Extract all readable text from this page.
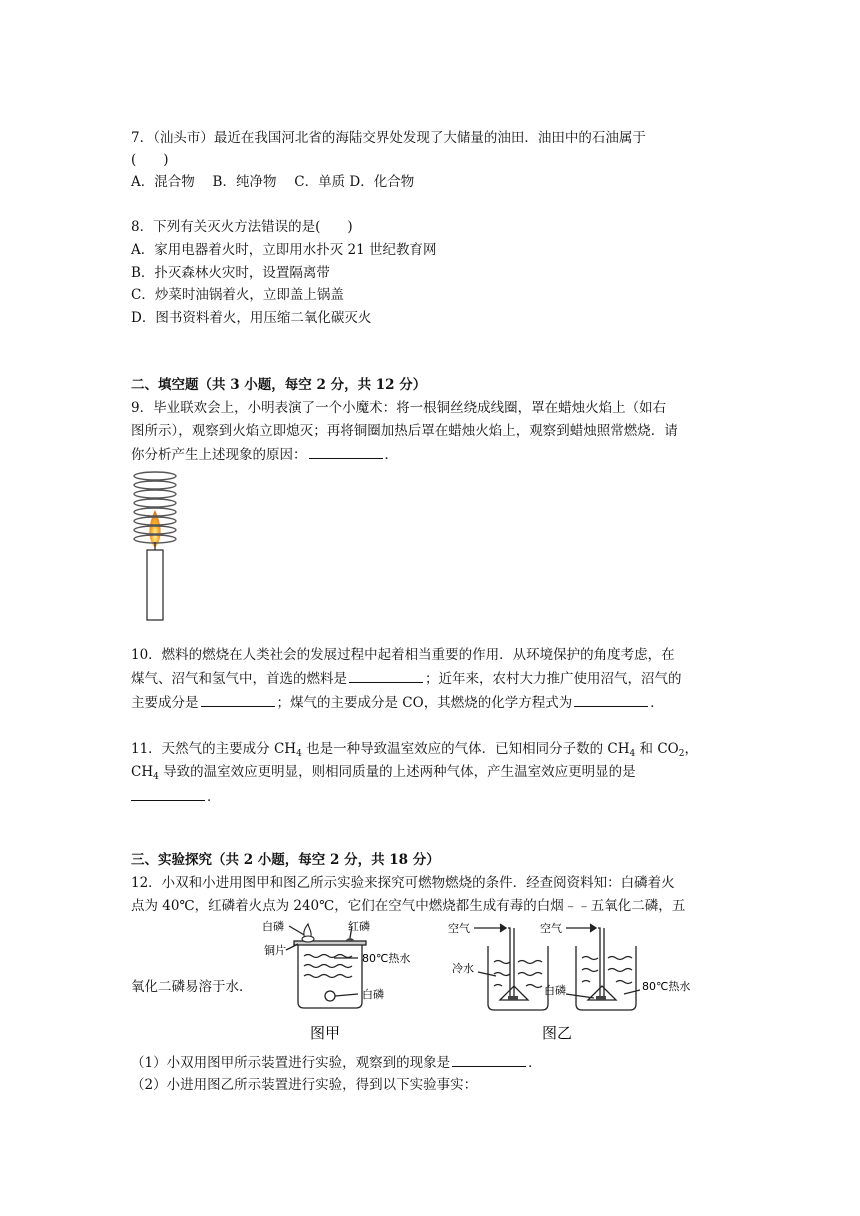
7．（汕头市）最近在我国河北省的海陆交界处发现了大储量的油田．油田中的石油属于
(　　)
A．混合物　 B．纯净物　 C．单质 D．化合物
8．下列有关灭火方法错误的是(　　)
A．家用电器着火时，立即用水扑灭 21 世纪教育网
B．扑灭森林火灾时，设置隔离带
C．炒菜时油锅着火，立即盖上锅盖
D．图书资料着火，用压缩二氧化碳灭火
二、填空题（共 3 小题，每空 2 分，共 12 分）
9．毕业联欢会上，小明表演了一个小魔术：将一根铜丝绕成线圈，罩在蜡烛火焰上（如右
图所示），观察到火焰立即熄灭；再将铜圈加热后罩在蜡烛火焰上，观察到蜡烛照常燃烧．请
你分析产生上述现象的原因：	．
10．燃料的燃烧在人类社会的发展过程中起着相当重要的作用．从环境保护的角度考虑，在
煤气、沼气和氢气中，首选的燃料是	；近年来，农村大力推广使用沼气，沼气的
主要成分是	；煤气的主要成分是 CO，其燃烧的化学方程式为	．
11．天然气的主要成分 $CH_4$ 也是一种导致温室效应的气体．已知相同分子数的 $CH_4$ 和 $CO_2$，
$CH_4$ 导致的温室效应更明显，则相同质量的上述两种气体，产生温室效应更明显的是
．
三、实验探究（共 2 小题，每空 2 分，共 18 分）
12．小双和小进用图甲和图乙所示实验来探究可燃物燃烧的条件．经查阅资料知：白磷着火
点为 40℃，红磷着火点为 240℃，它们在空气中燃烧都生成有毒的白烟﹣﹣五氧化二磷，五
氧化二磷易溶于水．
白磷	红磷
铜片
80℃热水
白磷
图甲
空气	空气
冷水
白磷	80℃热水
图乙
（1）小双用图甲所示装置进行实验，观察到的现象是	．
（2）小进用图乙所示装置进行实验，得到以下实验事实：
